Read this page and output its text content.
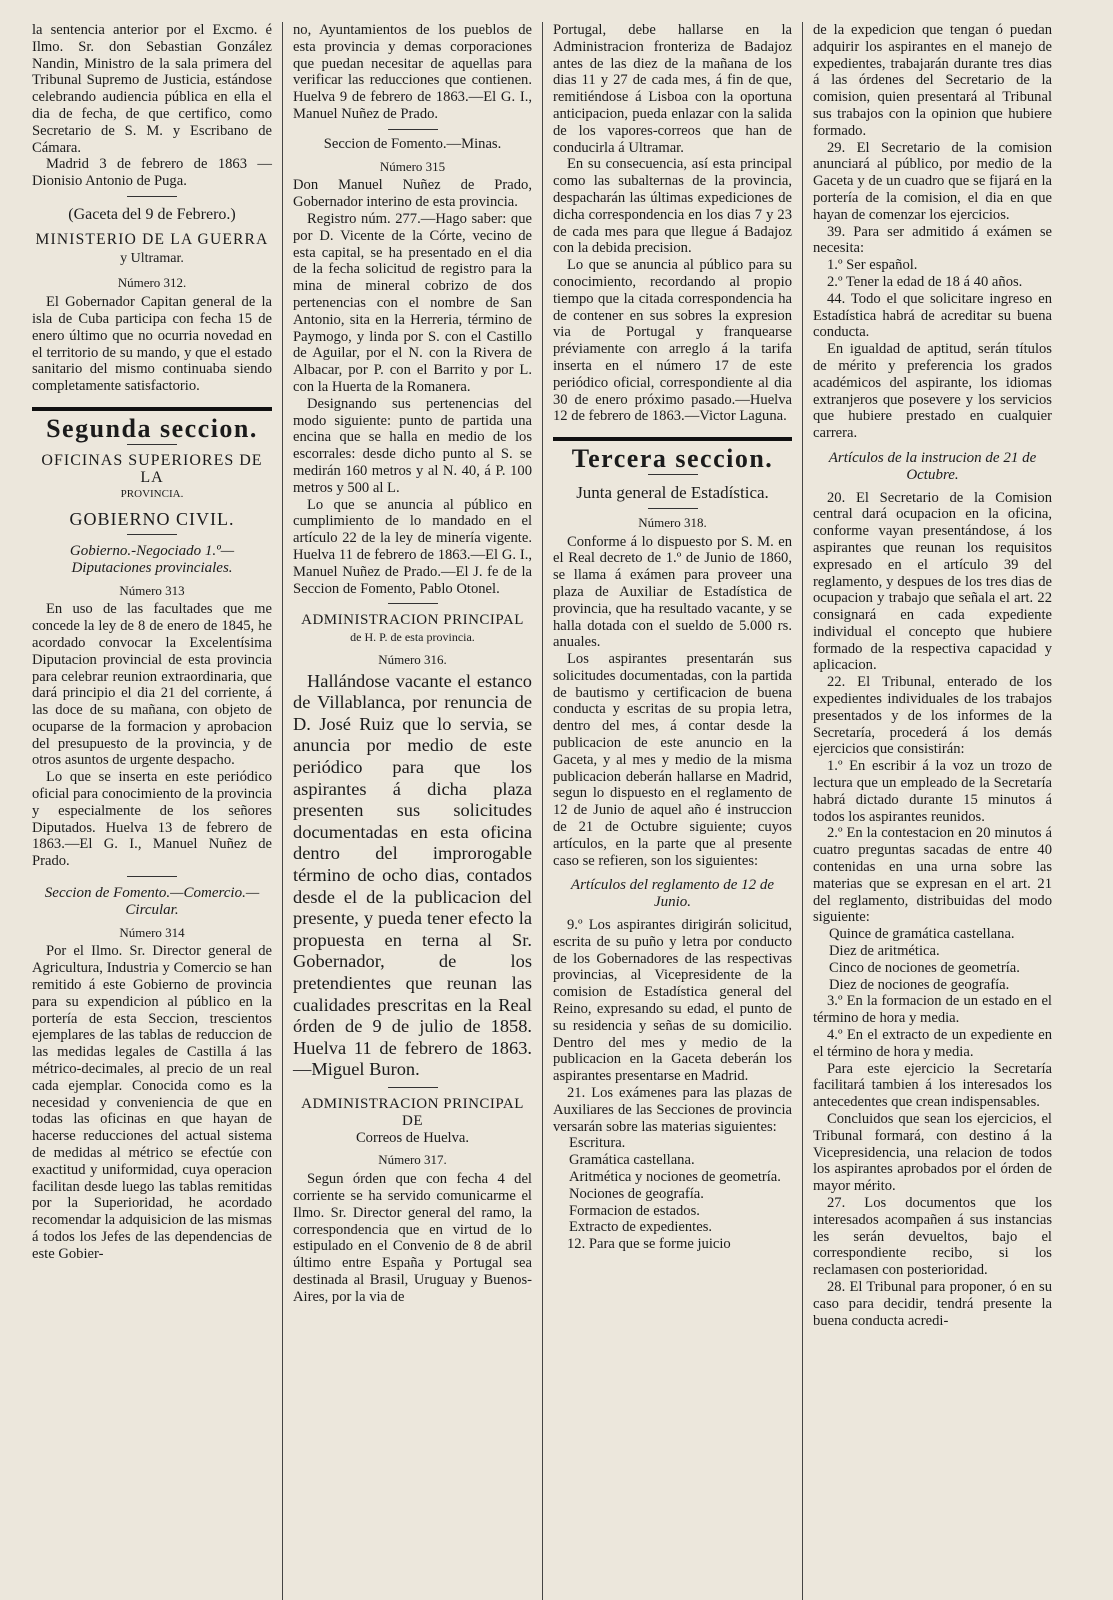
la sentencia anterior por el Excmo. é Ilmo. Sr. don Sebastian González Nandin, Ministro de la sala primera del Tribunal Supremo de Justicia, estándose celebrando audiencia pública en ella el dia de fecha, de que certifico, como Secretario de S. M. y Escribano de Cámara.

Madrid 3 de febrero de 1863 — Dionisio Antonio de Puga.

(Gaceta del 9 de Febrero.)
MINISTERIO DE LA GUERRA
y Ultramar.
Número 312.

El Gobernador Capitan general de la isla de Cuba participa con fecha 15 de enero último que no ocurria novedad en el territorio de su mando, y que el estado sanitario del mismo continuaba siendo completamente satisfactorio.

Segunda seccion.
OFICINAS SUPERIORES DE LA
PROVINCIA.
GOBIERNO CIVIL.
Gobierno.-Negociado 1.º—Diputaciones provinciales.
Número 313

En uso de las facultades que me concede la ley de 8 de enero de 1845, he acordado convocar la Excelentísima Diputacion provincial de esta provincia para celebrar reunion extraordinaria, que dará principio el dia 21 del corriente, á las doce de su mañana, con objeto de ocuparse de la formacion y aprobacion del presupuesto de la provincia, y de otros asuntos de urgente despacho.

Lo que se inserta en este periódico oficial para conocimiento de la provincia y especialmente de los señores Diputados. Huelva 13 de febrero de 1863.—El G. I., Manuel Nuñez de Prado.

Seccion de Fomento.—Comercio.— Circular.
Número 314

Por el Ilmo. Sr. Director general de Agricultura, Industria y Comercio se han remitido á este Gobierno de provincia para su expendicion al público en la portería de esta Seccion, trescientos ejemplares de las tablas de reduccion de las medidas legales de Castilla á las métrico-decimales, al precio de un real cada ejemplar. Conocida como es la necesidad y conveniencia de que en todas las oficinas en que hayan de hacerse reducciones del actual sistema de medidas al métrico se efectúe con exactitud y uniformidad, cuya operacion facilitan desde luego las tablas remitidas por la Superioridad, he acordado recomendar la adquisicion de las mismas á todos los Jefes de las dependencias de este Gobier-

no, Ayuntamientos de los pueblos de esta provincia y demas corporaciones que puedan necesitar de aquellas para verificar las reducciones que contienen. Huelva 9 de febrero de 1863.—El G. I., Manuel Nuñez de Prado.

Seccion de Fomento.—Minas.
Número 315

Don Manuel Nuñez de Prado, Gobernador interino de esta provincia.

Registro núm. 277.—Hago saber: que por D. Vicente de la Córte, vecino de esta capital, se ha presentado en el dia de la fecha solicitud de registro para la mina de mineral cobrizo de dos pertenencias con el nombre de San Antonio, sita en la Herreria, término de Paymogo, y linda por S. con el Castillo de Aguilar, por el N. con la Rivera de Albacar, por P. con el Barrito y por L. con la Huerta de la Romanera.

Designando sus pertenencias del modo siguiente: punto de partida una encina que se halla en medio de los escorrales: desde dicho punto al S. se medirán 160 metros y al N. 40, á P. 100 metros y 500 al L.

Lo que se anuncia al público en cumplimiento de lo mandado en el artículo 22 de la ley de minería vigente. Huelva 11 de febrero de 1863.—El G. I., Manuel Nuñez de Prado.—El J. fe de la Seccion de Fomento, Pablo Otonel.

ADMINISTRACION PRINCIPAL
de H. P. de esta provincia.
Número 316.

Hallándose vacante el estanco de Villablanca, por renuncia de D. José Ruiz que lo servia, se anuncia por medio de este periódico para que los aspirantes á dicha plaza presenten sus solicitudes documentadas en esta oficina dentro del improrogable término de ocho dias, contados desde el de la publicacion del presente, y pueda tener efecto la propuesta en terna al Sr. Gobernador, de los pretendientes que reunan las cualidades prescritas en la Real órden de 9 de julio de 1858. Huelva 11 de febrero de 1863.—Miguel Buron.

ADMINISTRACION PRINCIPAL DE
Correos de Huelva.
Número 317.

Segun órden que con fecha 4 del corriente se ha servido comunicarme el Ilmo. Sr. Director general del ramo, la correspondencia que en virtud de lo estipulado en el Convenio de 8 de abril último entre España y Portugal sea destinada al Brasil, Uruguay y Buenos-Aires, por la via de

Portugal, debe hallarse en la Administracion fronteriza de Badajoz antes de las diez de la mañana de los dias 11 y 27 de cada mes, á fin de que, remitiéndose á Lisboa con la oportuna anticipacion, pueda enlazar con la salida de los vapores-correos que han de conducirla á Ultramar.

En su consecuencia, así esta principal como las subalternas de la provincia, despacharán las últimas expediciones de dicha correspondencia en los dias 7 y 23 de cada mes para que llegue á Badajoz con la debida precision.

Lo que se anuncia al público para su conocimiento, recordando al propio tiempo que la citada correspondencia ha de contener en sus sobres la expresion via de Portugal y franquearse préviamente con arreglo á la tarifa inserta en el número 17 de este periódico oficial, correspondiente al dia 30 de enero próximo pasado.—Huelva 12 de febrero de 1863.—Victor Laguna.

Tercera seccion.
Junta general de Estadística.
Número 318.

Conforme á lo dispuesto por S. M. en el Real decreto de 1.º de Junio de 1860, se llama á exámen para proveer una plaza de Auxiliar de Estadística de provincia, que ha resultado vacante, y se halla dotada con el sueldo de 5.000 rs. anuales.

Los aspirantes presentarán sus solicitudes documentadas, con la partida de bautismo y certificacion de buena conducta y escritas de su propia letra, dentro del mes, á contar desde la publicacion de este anuncio en la Gaceta, y al mes y medio de la misma publicacion deberán hallarse en Madrid, segun lo dispuesto en el reglamento de 12 de Junio de aquel año é instruccion de 21 de Octubre siguiente; cuyos artículos, en la parte que al presente caso se refieren, son los siguientes:

Artículos del reglamento de 12 de Junio.

9.º Los aspirantes dirigirán solicitud, escrita de su puño y letra por conducto de los Gobernadores de las respectivas provincias, al Vicepresidente de la comision de Estadística general del Reino, expresando su edad, el punto de su residencia y señas de su domicilio. Dentro del mes y medio de la publicacion en la Gaceta deberán los aspirantes presentarse en Madrid.

21. Los exámenes para las plazas de Auxiliares de las Secciones de provincia versarán sobre las materias siguientes:

Escritura.

Gramática castellana.

Aritmética y nociones de geometría.

Nociones de geografía.

Formacion de estados.

Extracto de expedientes.

12. Para que se forme juicio

de la expedicion que tengan ó puedan adquirir los aspirantes en el manejo de expedientes, trabajarán durante tres dias á las órdenes del Secretario de la comision, quien presentará al Tribunal sus trabajos con la opinion que hubiere formado.

29. El Secretario de la comision anunciará al público, por medio de la Gaceta y de un cuadro que se fijará en la portería de la comision, el dia en que hayan de comenzar los ejercicios.

39. Para ser admitido á exámen se necesita:

1.º Ser español.

2.º Tener la edad de 18 á 40 años.

44. Todo el que solicitare ingreso en Estadística habrá de acreditar su buena conducta.

En igualdad de aptitud, serán títulos de mérito y preferencia los grados académicos del aspirante, los idiomas extranjeros que posevere y los servicios que hubiere prestado en cualquier carrera.

Artículos de la instrucion de 21 de Octubre.

20. El Secretario de la Comision central dará ocupacion en la oficina, conforme vayan presentándose, á los aspirantes que reunan los requisitos expresado en el artículo 39 del reglamento, y despues de los tres dias de ocupacion y trabajo que señala el art. 22 consignará en cada expediente individual el concepto que hubiere formado de la respectiva capacidad y aplicacion.

22. El Tribunal, enterado de los expedientes individuales de los trabajos presentados y de los informes de la Secretaría, procederá á los demás ejercicios que consistirán:

1.º En escribir á la voz un trozo de lectura que un empleado de la Secretaría habrá dictado durante 15 minutos á todos los aspirantes reunidos.

2.º En la contestacion en 20 minutos á cuatro preguntas sacadas de entre 40 contenidas en una urna sobre las materias que se expresan en el art. 21 del reglamento, distribuidas del modo siguiente:

Quince de gramática castellana.

Diez de aritmética.

Cinco de nociones de geometría.

Diez de nociones de geografía.

3.º En la formacion de un estado en el término de hora y media.

4.º En el extracto de un expediente en el término de hora y media.

Para este ejercicio la Secretaría facilitará tambien á los interesados los antecedentes que crean indispensables.

Concluidos que sean los ejercicios, el Tribunal formará, con destino á la Vicepresidencia, una relacion de todos los aspirantes aprobados por el órden de mayor mérito.

27. Los documentos que los interesados acompañen á sus instancias les serán devueltos, bajo el correspondiente recibo, si los reclamasen con posterioridad.

28. El Tribunal para proponer, ó en su caso para decidir, tendrá presente la buena conducta acredi-
